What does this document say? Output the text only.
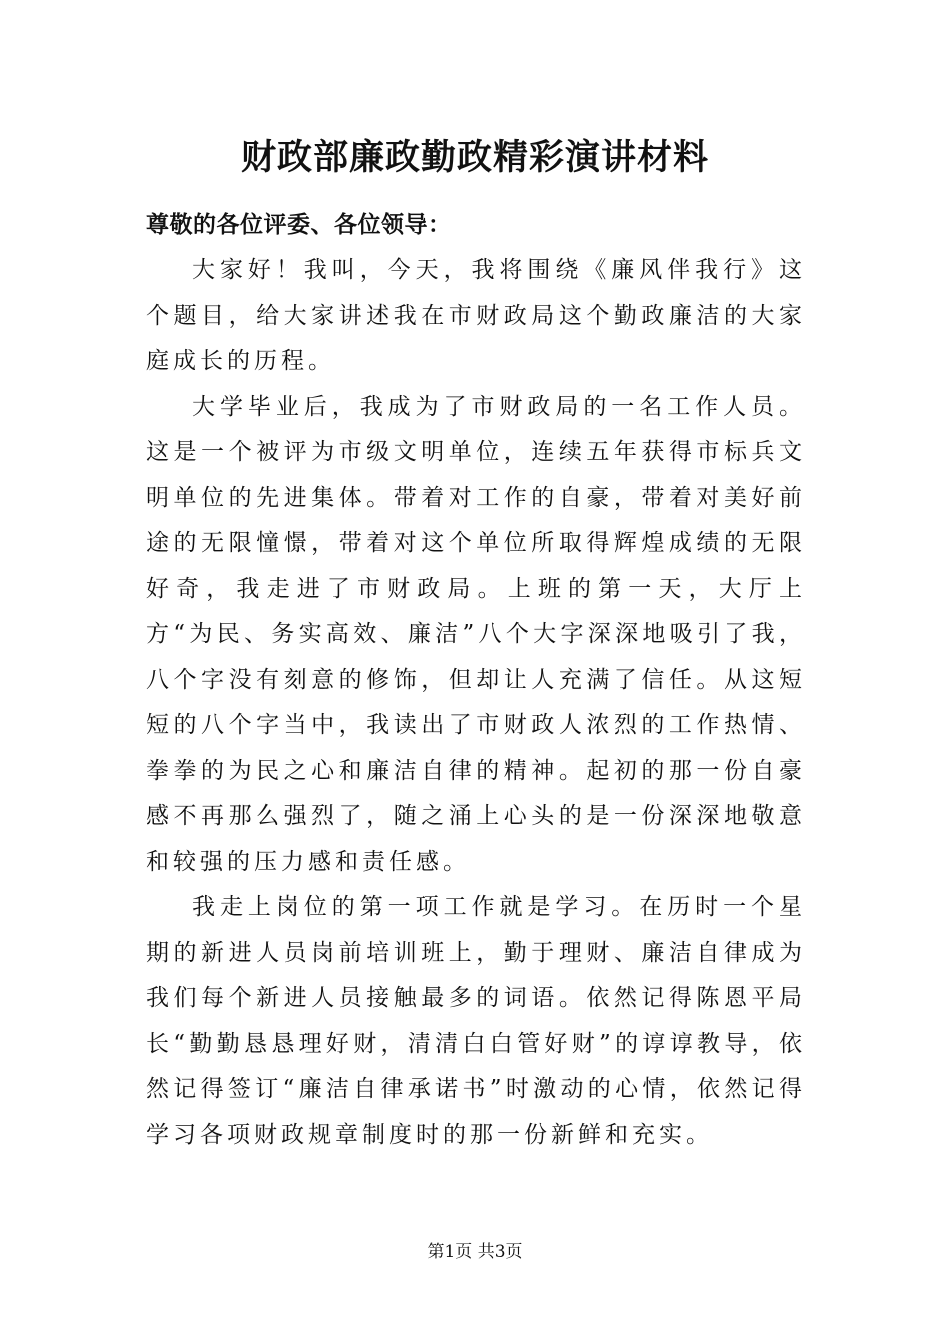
财政部廉政勤政精彩演讲材料

尊敬的各位评委、各位领导：

大家好！我叫，今天，我将围绕《廉风伴我行》这个题目，给大家讲述我在市财政局这个勤政廉洁的大家庭成长的历程。

大学毕业后，我成为了市财政局的一名工作人员。这是一个被评为市级文明单位，连续五年获得市标兵文明单位的先进集体。带着对工作的自豪，带着对美好前途的无限憧憬，带着对这个单位所取得辉煌成绩的无限好奇，我走进了市财政局。上班的第一天，大厅上方“为民、务实高效、廉洁”八个大字深深地吸引了我，八个字没有刻意的修饰，但却让人充满了信任。从这短短的八个字当中，我读出了市财政人浓烈的工作热情、拳拳的为民之心和廉洁自律的精神。起初的那一份自豪感不再那么强烈了，随之涌上心头的是一份深深地敬意和较强的压力感和责任感。

我走上岗位的第一项工作就是学习。在历时一个星期的新进人员岗前培训班上，勤于理财、廉洁自律成为我们每个新进人员接触最多的词语。依然记得陈恩平局长“勤勤恳恳理好财，清清白白管好财”的谆谆教导，依然记得签订“廉洁自律承诺书”时激动的心情，依然记得学习各项财政规章制度时的那一份新鲜和充实。

第1页 共3页
